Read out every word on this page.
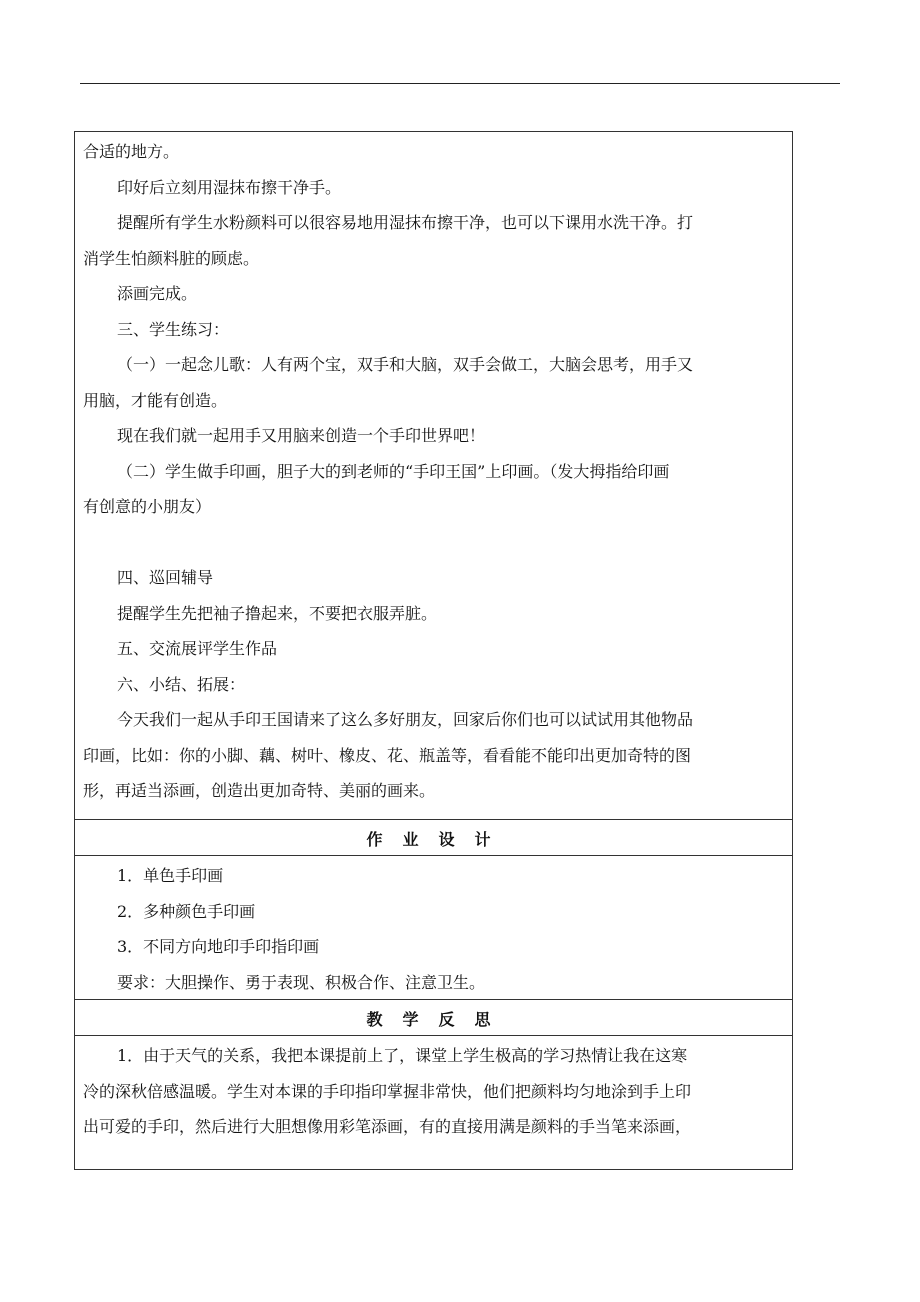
合适的地方。

印好后立刻用湿抹布擦干净手。

提醒所有学生水粉颜料可以很容易地用湿抹布擦干净，也可以下课用水洗干净。打

消学生怕颜料脏的顾虑。

添画完成。

三、学生练习：

（一）一起念儿歌：人有两个宝，双手和大脑，双手会做工，大脑会思考，用手又

用脑，才能有创造。

现在我们就一起用手又用脑来创造一个手印世界吧！

（二）学生做手印画，胆子大的到老师的“手印王国”上印画。（发大拇指给印画

有创意的小朋友）

四、巡回辅导

提醒学生先把袖子撸起来，不要把衣服弄脏。

五、交流展评学生作品

六、小结、拓展：

今天我们一起从手印王国请来了这么多好朋友，回家后你们也可以试试用其他物品

印画，比如：你的小脚、藕、树叶、橡皮、花、瓶盖等，看看能不能印出更加奇特的图

形，再适当添画，创造出更加奇特、美丽的画来。

作业设计

1．单色手印画

2．多种颜色手印画

3．不同方向地印手印指印画

要求：大胆操作、勇于表现、积极合作、注意卫生。

教学反思

1．由于天气的关系，我把本课提前上了，课堂上学生极高的学习热情让我在这寒

冷的深秋倍感温暖。学生对本课的手印指印掌握非常快，他们把颜料均匀地涂到手上印

出可爱的手印，然后进行大胆想像用彩笔添画，有的直接用满是颜料的手当笔来添画，
